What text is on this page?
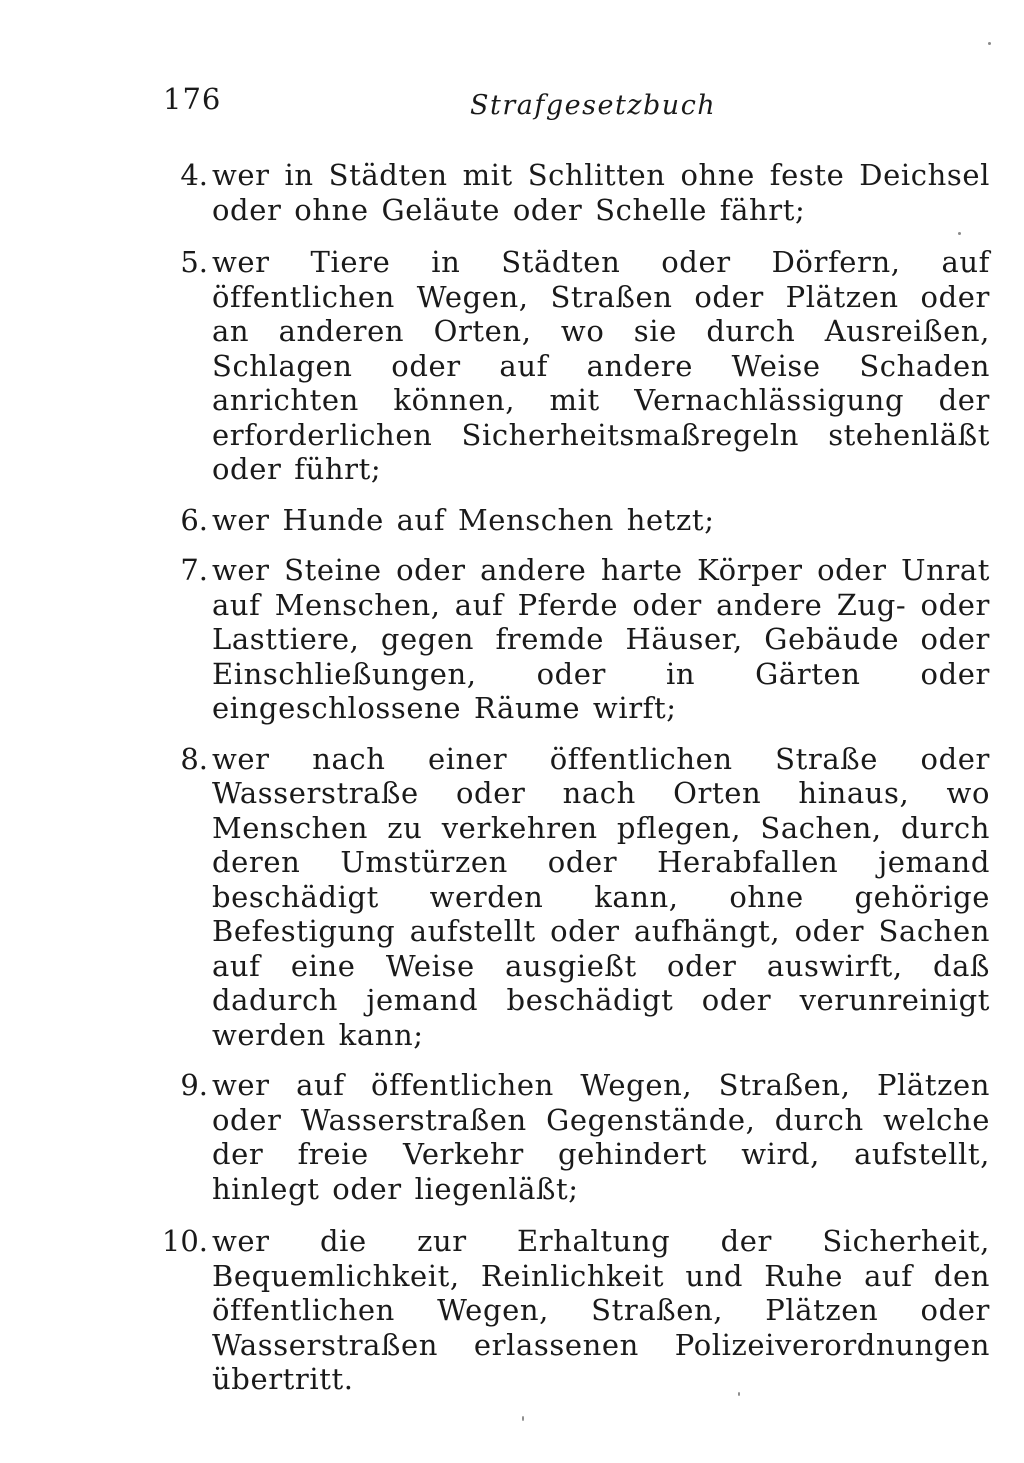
176	Strafgesetzbuch
4. wer in Städten mit Schlitten ohne feste Deichsel oder ohne Geläute oder Schelle fährt;
5. wer Tiere in Städten oder Dörfern, auf öffentlichen Wegen, Straßen oder Plätzen oder an anderen Orten, wo sie durch Ausreißen, Schlagen oder auf andere Weise Schaden anrichten können, mit Vernachlässigung der erforderlichen Sicherheitsmaßregeln stehenläßt oder führt;
6. wer Hunde auf Menschen hetzt;
7. wer Steine oder andere harte Körper oder Unrat auf Menschen, auf Pferde oder andere Zug- oder Lasttiere, gegen fremde Häuser, Gebäude oder Einschließungen, oder in Gärten oder eingeschlossene Räume wirft;
8. wer nach einer öffentlichen Straße oder Wasserstraße oder nach Orten hinaus, wo Menschen zu verkehren pflegen, Sachen, durch deren Umstürzen oder Herabfallen jemand beschädigt werden kann, ohne gehörige Befestigung aufstellt oder aufhängt, oder Sachen auf eine Weise ausgießt oder auswirft, daß dadurch jemand beschädigt oder verunreinigt werden kann;
9. wer auf öffentlichen Wegen, Straßen, Plätzen oder Wasserstraßen Gegenstände, durch welche der freie Verkehr gehindert wird, aufstellt, hinlegt oder liegenläßt;
10. wer die zur Erhaltung der Sicherheit, Bequemlichkeit, Reinlichkeit und Ruhe auf den öffentlichen Wegen, Straßen, Plätzen oder Wasserstraßen erlassenen Polizeiverordnungen übertritt.
